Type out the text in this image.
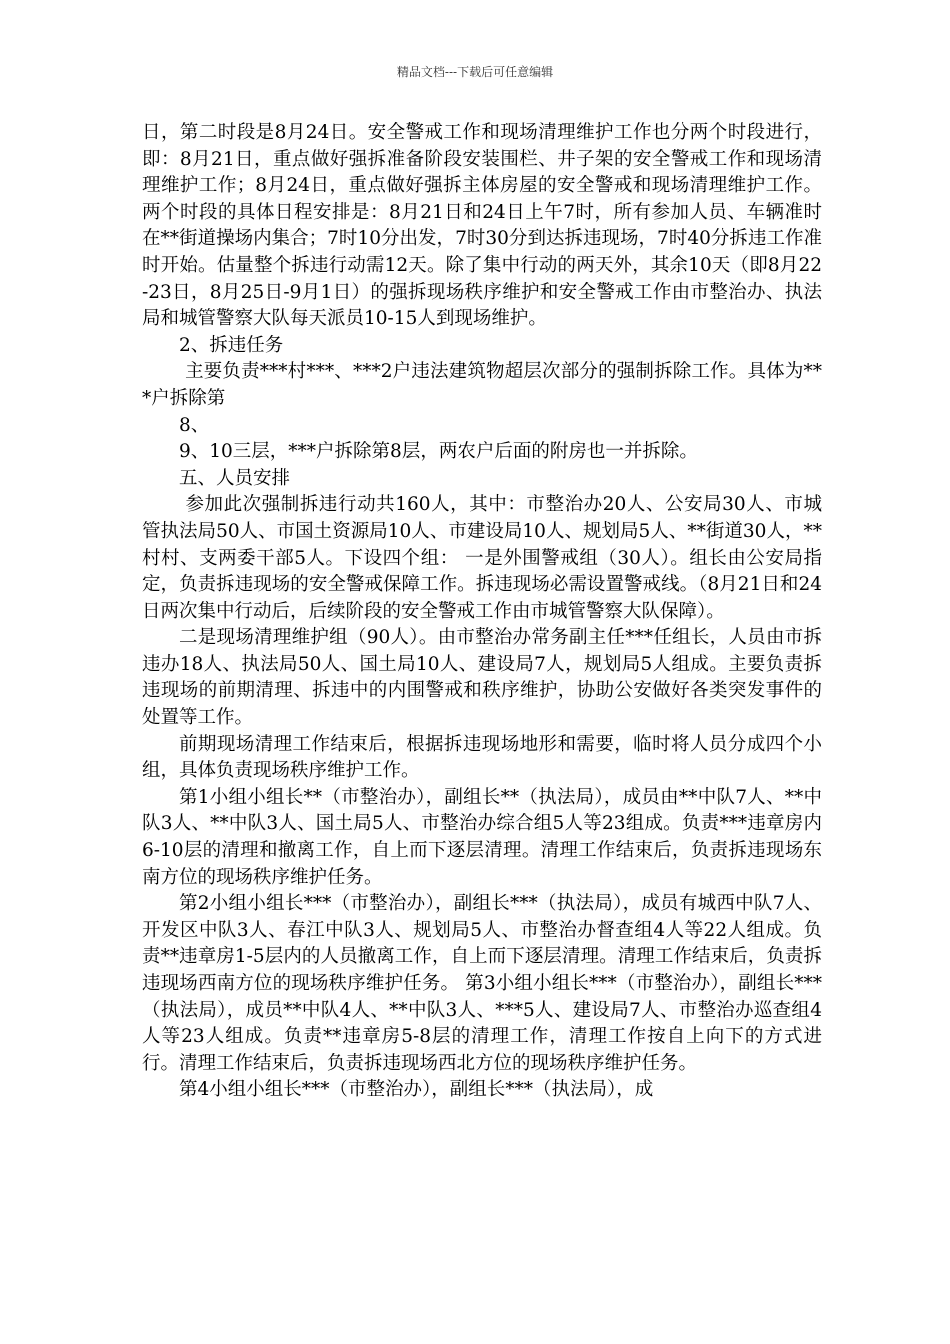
精品文档---下载后可任意编辑

日，第二时段是8月24日。安全警戒工作和现场清理维护工作也分两个时段进行，即：8月21日，重点做好强拆准备阶段安装围栏、井子架的安全警戒工作和现场清理维护工作；8月24日，重点做好强拆主体房屋的安全警戒和现场清理维护工作。两个时段的具体日程安排是：8月21日和24日上午7时，所有参加人员、车辆准时在**街道操场内集合；7时10分出发，7时30分到达拆违现场，7时40分拆违工作准时开始。估量整个拆违行动需12天。除了集中行动的两天外，其余10天（即8月22-23日，8月25日-9月1日）的强拆现场秩序维护和安全警戒工作由市整治办、执法局和城管警察大队每天派员10-15人到现场维护。

2、拆违任务

主要负责***村***、***2户违法建筑物超层次部分的强制拆除工作。具体为***户拆除第

8、

9、10三层，***户拆除第8层，两农户后面的附房也一并拆除。

五、人员安排

参加此次强制拆违行动共160人，其中：市整治办20人、公安局30人、市城管执法局50人、市国土资源局10人、市建设局10人、规划局5人、**街道30人，**村村、支两委干部5人。下设四个组： 一是外围警戒组（30人）。组长由公安局指定，负责拆违现场的安全警戒保障工作。拆违现场必需设置警戒线。（8月21日和24日两次集中行动后，后续阶段的安全警戒工作由市城管警察大队保障）。

二是现场清理维护组（90人）。由市整治办常务副主任***任组长，人员由市拆违办18人、执法局50人、国土局10人、建设局7人，规划局5人组成。主要负责拆违现场的前期清理、拆违中的内围警戒和秩序维护，协助公安做好各类突发事件的处置等工作。

前期现场清理工作结束后，根据拆违现场地形和需要，临时将人员分成四个小组，具体负责现场秩序维护工作。

第1小组小组长**（市整治办），副组长**（执法局），成员由**中队7人、**中队3人、**中队3人、国土局5人、市整治办综合组5人等23组成。负责***违章房内6-10层的清理和撤离工作，自上而下逐层清理。清理工作结束后，负责拆违现场东南方位的现场秩序维护任务。

第2小组小组长***（市整治办），副组长***（执法局），成员有城西中队7人、开发区中队3人、春江中队3人、规划局5人、市整治办督查组4人等22人组成。负责**违章房1-5层内的人员撤离工作，自上而下逐层清理。清理工作结束后，负责拆违现场西南方位的现场秩序维护任务。 第3小组小组长***（市整治办），副组长***（执法局），成员**中队4人、**中队3人、***5人、建设局7人、市整治办巡查组4人等23人组成。负责**违章房5-8层的清理工作，清理工作按自上向下的方式进行。清理工作结束后，负责拆违现场西北方位的现场秩序维护任务。

第4小组小组长***（市整治办），副组长***（执法局），成
